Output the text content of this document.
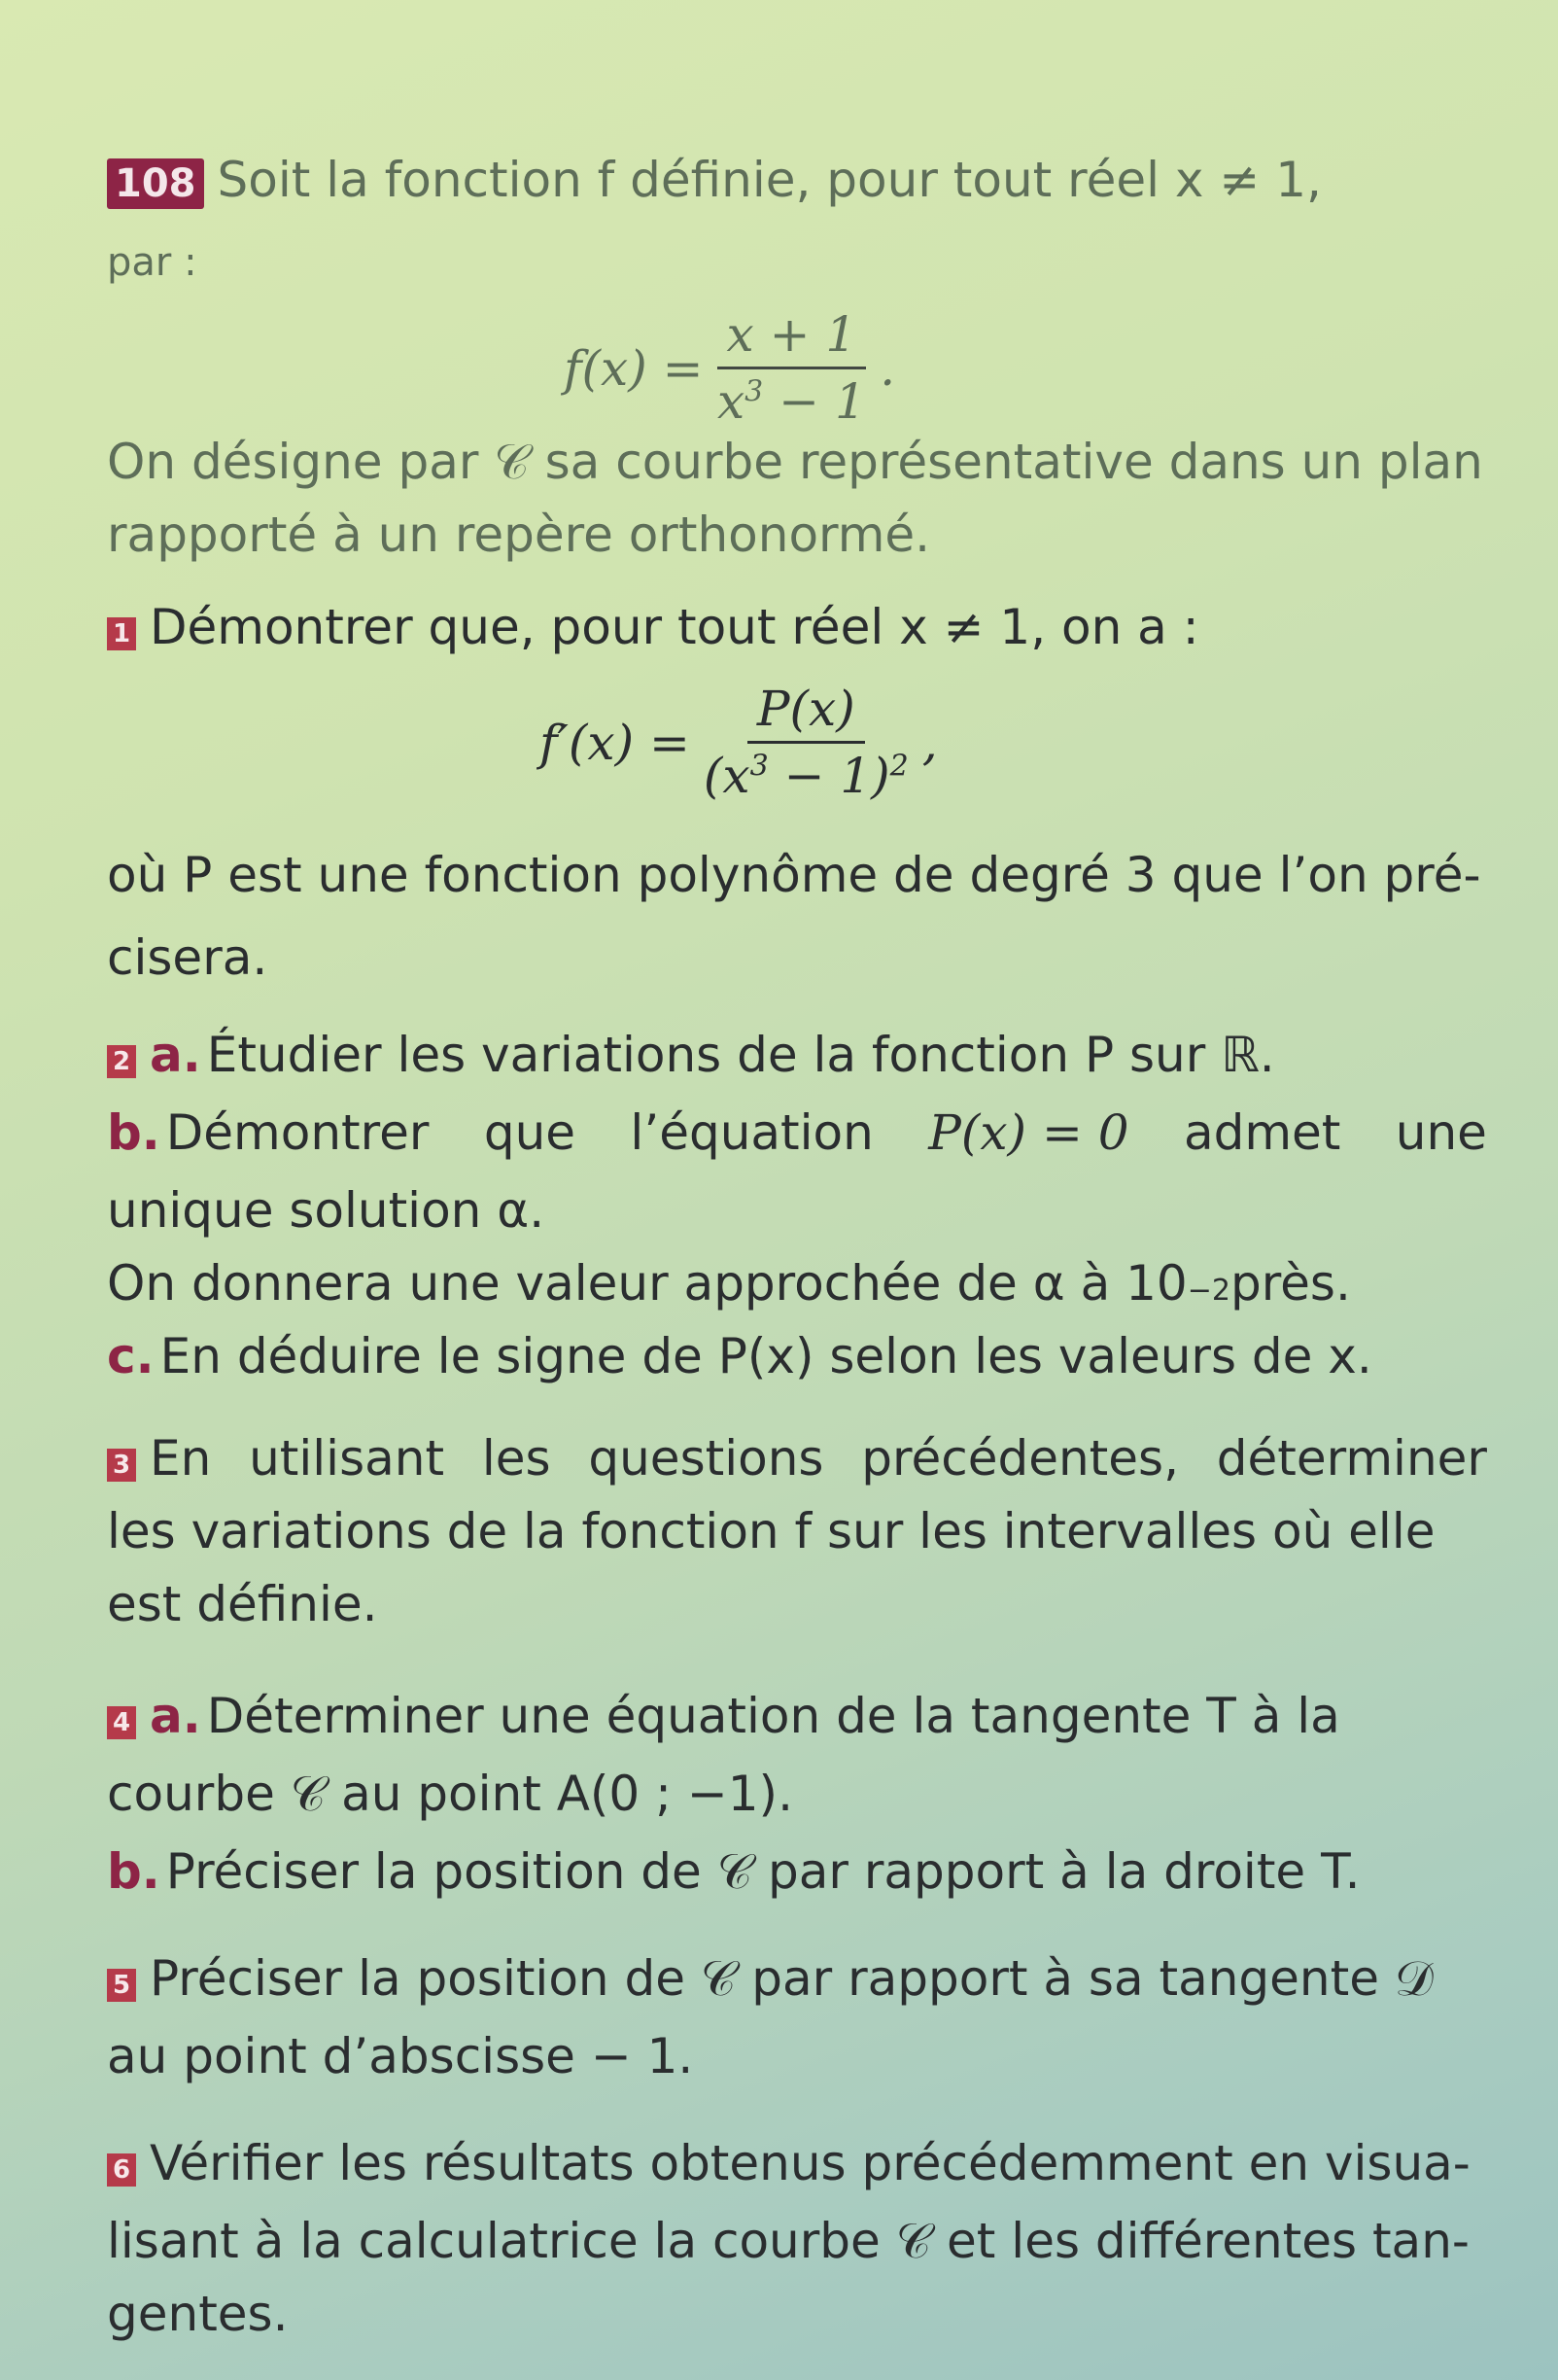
108 Soit la fonction f définie, pour tout réel x ≠ 1,
par :
$f(x) = \frac{x + 1}{x^3 - 1}$ .
On désigne par 𝒞 sa courbe représentative dans un plan
rapporté à un repère orthonormé.
1 Démontrer que, pour tout réel x ≠ 1, on a :
$f'(x) = \frac{P(x)}{(x^3 - 1)^2}$ ,
où P est une fonction polynôme de degré 3 que l’on pré-
cisera.
2 a. Étudier les variations de la fonction P sur ℝ.
b. Démontrer que l’équation P(x) = 0 admet une
unique solution α.
On donnera une valeur approchée de α à 10 −2 près.
c. En déduire le signe de P(x) selon les valeurs de x.
3 En utilisant les questions précédentes, déterminer
les variations de la fonction f sur les intervalles où elle
est définie.
4 a. Déterminer une équation de la tangente T à la
courbe 𝒞 au point A(0 ; −1).
b. Préciser la position de 𝒞 par rapport à la droite T.
5 Préciser la position de 𝒞 par rapport à sa tangente 𝒟
au point d’abscisse − 1.
6 Vérifier les résultats obtenus précédemment en visua-
lisant à la calculatrice la courbe 𝒞 et les différentes tan-
gentes.
